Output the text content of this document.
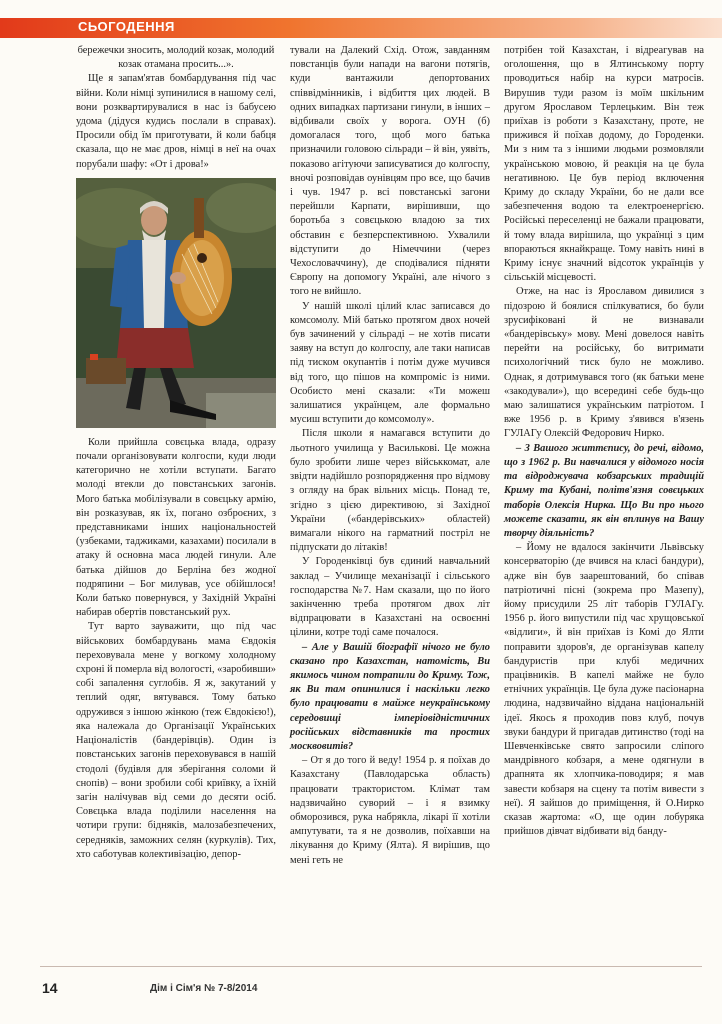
СЬОГОДЕННЯ

бережечки зносить, молодий козак, молодий козак отамана просить...».

Ще я запам'ятав бомбардування під час війни. Коли німці зупинилися в нашому селі, вони розквартирувалися в нас із бабусею удома (дідуся кудись послали в справах). Просили обід їм приготувати, й коли бабця сказала, що не має дров, німці в неї на очах порубали шафу: «От і дрова!»

Коли прийшла совєцька влада, одразу почали організовувати колгоспи, куди люди категорично не хотіли вступати. Багато молоді втекли до повстанських загонів. Мого батька мобілізували в совєцьку армію, він розказував, як їх, погано озброєних, з представниками інших національностей (узбеками, таджиками, казахами) посилали в атаку й основна маса людей гинули. Але батька дійшов до Берліна без жодної подряпини – Бог милував, усе обійшлося! Коли батько повернувся, у Західній Україні набирав обертів повстанський рух.

Тут варто зауважити, що під час військових бомбардувань мама Євдокія переховувала мене у вогкому холодному схроні й померла від вологості, «заробивши» собі запалення суглобів. Я ж, закутаний у теплий одяг, вятувався. Тому батько одружився з іншою жінкою (теж Євдокією!), яка належала до Організації Українських Націоналістів (бандерівців). Один із повстанських загонів переховувався в нашій стодолі (будівля для зберігання соломи й снопів) – вони зробили собі криївку, а їхній загін налічував від семи до десяти осіб. Совєцька влада поділили населення на чотири групи: бідняків, малозабезпечених, середняків, заможних селян (куркулів). Тих, хто саботував колективізацію, депор-

тували на Далекий Схід. Отож, завданням повстанців були напади на вагони потягів, куди вантажили депортованих співвідмінників, і відбиття цих людей. В одних випадках партизани гинули, в інших – відбивали своїх у ворога. ОУН (б) домогалася того, щоб мого батька призначили головою сільради – й він, уявіть, показово агітуючи записуватися до колгоспу, вночі розповідав оунівцям про все, що бачив і чув. 1947 р. всі повстанські загони перейшли Карпати, вирішивши, що боротьба з совєцькою владою за тих обставин є безперспективною. Ухвалили відступити до Німеччини (через Чехословаччину), де сподівалися підняти Європу на допомогу Україні, але нічого з того не вийшло.

У нашій школі цілий клас записався до комсомолу. Мій батько протягом двох ночей був зачинений у сільраді – не хотів писати заяву на вступ до колгоспу, але таки написав під тиском окупантів і потім дуже мучився від того, що пішов на компроміс із ними. Особисто мені сказали: «Ти можеш залишатися українцем, але формально мусиш вступити до комсомолу».

Після школи я намагався вступити до льотного училища у Василькові. Це можна було зробити лише через військкомат, але звідти надійшло розпорядження про відмову з огляду на брак вільних місць. Понад те, згідно з цією директивою, зі Західної України («бандерівських» областей) вимагали нікого на гарматний постріл не підпускати до літаків!

У Городенківці був єдиний навчальний заклад – Училище механізації і сільського господарства №7. Нам сказали, що по його закінченню треба протягом двох літ відпрацювати в Казахстані на освоєнні цілини, котре тоді саме почалося.

– Але у Вашій біографії нічого не було сказано про Казахстан, натомість, Ви якимось чином потрапили до Криму. Тож, як Ви там опинилися і наскільки легко було працювати в майже неукраїнському середовищі імперіовідністичних російських відставників та простих москвовитів?

– От я до того й веду! 1954 р. я поїхав до Казахстану (Павлодарська область) працювати трактористом. Клімат там надзвичайно суворий – і я взимку обморозився, рука набрякла, лікарі її хотіли ампутувати, та я не дозволив, поїхавши на лікування до Криму (Ялта). Я вирішив, що мені геть не

потрібен той Казахстан, і відреагував на оголошення, що в Ялтинському порту проводиться набір на курси матросів. Вирушив туди разом із моїм шкільним другом Ярославом Терлецьким. Він теж приїхав із роботи з Казахстану, проте, не прижився й поїхав додому, до Городенки. Ми з ним та з іншими людьми розмовляли українською мовою, й реакція на це була негативною. Це був період включення Криму до складу України, бо не дали все забезпечення водою та електроенергією. Російські переселенці не бажали працювати, й тому влада вирішила, що українці з цим впораються якнайкраще. Тому навіть нині в Криму існує значний відсоток українців у сільській місцевості.

Отже, на нас із Ярославом дивилися з підозрою й боялися спілкуватися, бо були зрусифіковані й не визнавали «бандерівську» мову. Мені довелося навіть перейти на російську, бо витримати психологічний тиск було не можливо. Однак, я дотримувався того (як батьки мене «закодували»), що всередині себе будь-що маю залишатися українським патріотом. І вже 1956 р. в Криму з'явився в'язень ГУЛАГу Олексій Федорович Нирко.

– З Вашого життєпису, до речі, відомо, що з 1962 р. Ви навчалися у відомого носія та відроджувача кобзарських традицій Криму та Кубані, політв'язня совєцьких таборів Олексія Нирка. Що Ви про нього можете сказати, як він вплинув на Вашу творчу діяльність?

– Йому не вдалося закінчити Львівську консерваторію (де вчився на класі бандури), адже він був заарештований, бо співав патріотичні пісні (зокрема про Мазепу), йому присудили 25 літ таборів ГУЛАГу. 1956 р. його випустили під час хрущовської «відлиги», й він приїхав із Комі до Ялти поправити здоров'я, де організував капелу бандуристів при клубі медичних працівників. В капелі майже не було етнічних українців. Це була дуже пасіонарна людина, надзвичайно віддана національній ідеї. Якось я проходив повз клуб, почув звуки бандури й пригадав дитинство (тоді на Шевченківське свято запросили сліпого мандрівного кобзаря, а мене одягнули в драпнята як хлопчика-поводиря; я мав завести кобзаря на сцену та потім вивести з неї). Я зайшов до приміщення, й О.Нирко сказав жартома: «О, ще один лобуряка прийшов дівчат відбивати від банду-

14	Дім і Сім'я № 7-8/2014
